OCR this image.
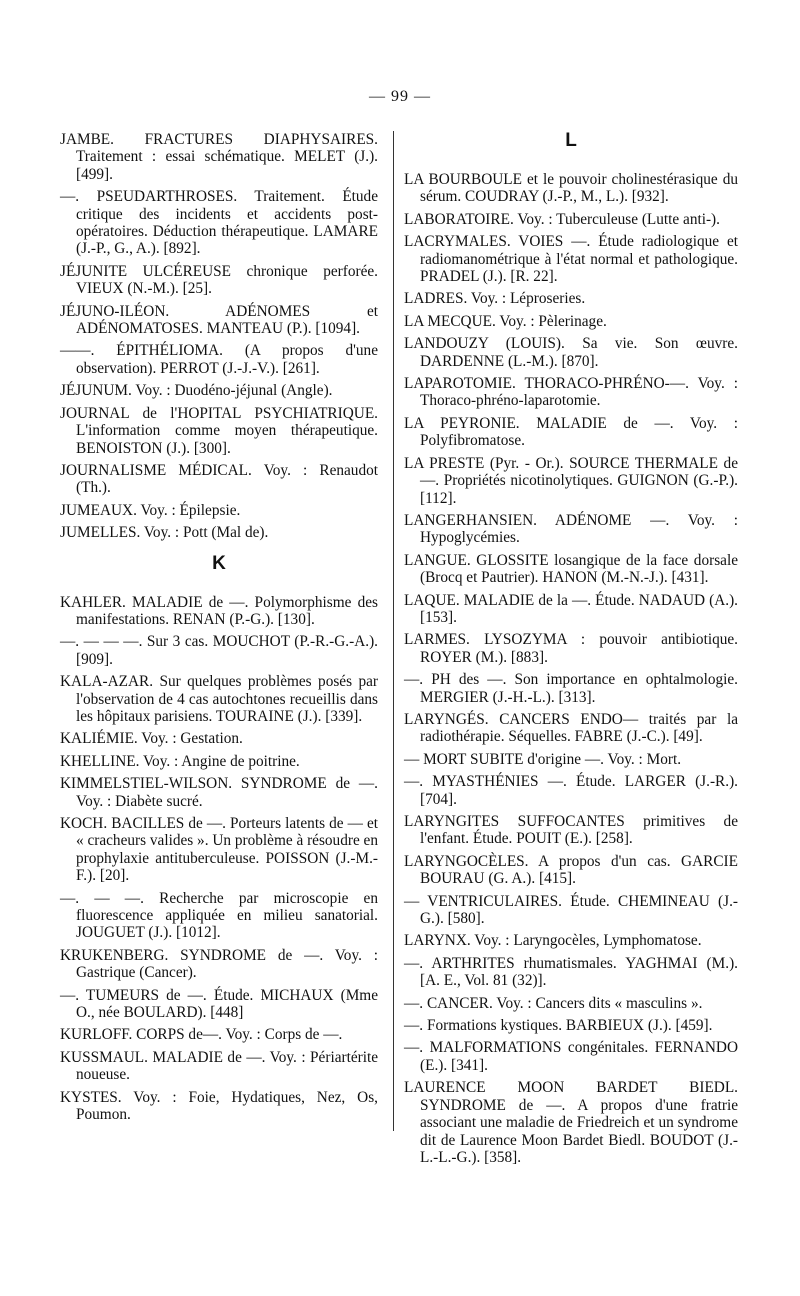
— 99 —
JAMBE. FRACTURES DIAPHYSAIRES. Traitement : essai schématique. MELET (J.). [499].
—. PSEUDARTHROSES. Traitement. Étude critique des incidents et accidents post-opératoires. Déduction thérapeutique. LAMARE (J.-P., G., A.). [892].
JÉJUNITE ULCÉREUSE chronique perforée. VIEUX (N.-M.). [25].
JÉJUNO-ILÉON. ADÉNOMES et ADÉNOMATOSES. MANTEAU (P.). [1094].
——. ÉPITHÉLIOMA. (A propos d'une observation). PERROT (J.-J.-V.). [261].
JÉJUNUM. Voy. : Duodéno-jéjunal (Angle).
JOURNAL de l'HOPITAL PSYCHIATRIQUE. L'information comme moyen thérapeutique. BENOISTON (J.). [300].
JOURNALISME MÉDICAL. Voy. : Renaudot (Th.).
JUMEAUX. Voy. : Épilepsie.
JUMELLES. Voy. : Pott (Mal de).
K
KAHLER. MALADIE de —. Polymorphisme des manifestations. RENAN (P.-G.). [130].
—. — — —. Sur 3 cas. MOUCHOT (P.-R.-G.-A.). [909].
KALA-AZAR. Sur quelques problèmes posés par l'observation de 4 cas autochtones recueillis dans les hôpitaux parisiens. TOURAINE (J.). [339].
KALIÉMIE. Voy. : Gestation.
KHELLINE. Voy. : Angine de poitrine.
KIMMELSTIEL-WILSON. SYNDROME de —. Voy. : Diabète sucré.
KOCH. BACILLES de —. Porteurs latents de — et « cracheurs valides ». Un problème à résoudre en prophylaxie antituberculeuse. POISSON (J.-M.-F.). [20].
—. — —. Recherche par microscopie en fluorescence appliquée en milieu sanatorial. JOUGUET (J.). [1012].
KRUKENBERG. SYNDROME de —. Voy. : Gastrique (Cancer).
—. TUMEURS de —. Étude. MICHAUX (Mme O., née BOULARD). [448]
KURLOFF. CORPS de—. Voy. : Corps de —.
KUSSMAUL. MALADIE de —. Voy. : Périartérite noueuse.
KYSTES. Voy. : Foie, Hydatiques, Nez, Os, Poumon.
L
LA BOURBOULE et le pouvoir cholinestérasique du sérum. COUDRAY (J.-P., M., L.). [932].
LABORATOIRE. Voy. : Tuberculeuse (Lutte anti-).
LACRYMALES. VOIES —. Étude radiologique et radiomanométrique à l'état normal et pathologique. PRADEL (J.). [R. 22].
LADRES. Voy. : Léproseries.
LA MECQUE. Voy. : Pèlerinage.
LANDOUZY (LOUIS). Sa vie. Son œuvre. DARDENNE (L.-M.). [870].
LAPAROTOMIE. THORACO-PHRÉNO-—. Voy. : Thoraco-phréno-laparotomie.
LA PEYRONIE. MALADIE de —. Voy. : Polyfibromatose.
LA PRESTE (Pyr. - Or.). SOURCE THERMALE de —. Propriétés nicotinolytiques. GUIGNON (G.-P.). [112].
LANGERHANSIEN. ADÉNOME —. Voy. : Hypoglycémies.
LANGUE. GLOSSITE losangique de la face dorsale (Brocq et Pautrier). HANON (M.-N.-J.). [431].
LAQUE. MALADIE de la —. Étude. NADAUD (A.). [153].
LARMES. LYSOZYMA : pouvoir antibiotique. ROYER (M.). [883].
—. PH des —. Son importance en ophtalmologie. MERGIER (J.-H.-L.). [313].
LARYNGÉS. CANCERS ENDO— traités par la radiothérapie. Séquelles. FABRE (J.-C.). [49].
— MORT SUBITE d'origine —. Voy. : Mort.
—. MYASTHÉNIES —. Étude. LARGER (J.-R.). [704].
LARYNGITES SUFFOCANTES primitives de l'enfant. Étude. POUIT (E.). [258].
LARYNGOCÈLES. A propos d'un cas. GARCIE BOURAU (G. A.). [415].
— VENTRICULAIRES. Étude. CHEMINEAU (J.-G.). [580].
LARYNX. Voy. : Laryngocèles, Lymphomatose.
—. ARTHRITES rhumatismales. YAGHMAI (M.). [A. E., Vol. 81 (32)].
—. CANCER. Voy. : Cancers dits « masculins ».
—. Formations kystiques. BARBIEUX (J.). [459].
—. MALFORMATIONS congénitales. FERNANDO (E.). [341].
LAURENCE MOON BARDET BIEDL. SYNDROME de —. A propos d'une fratrie associant une maladie de Friedreich et un syndrome dit de Laurence Moon Bardet Biedl. BOUDOT (J.-L.-L.-G.). [358].
